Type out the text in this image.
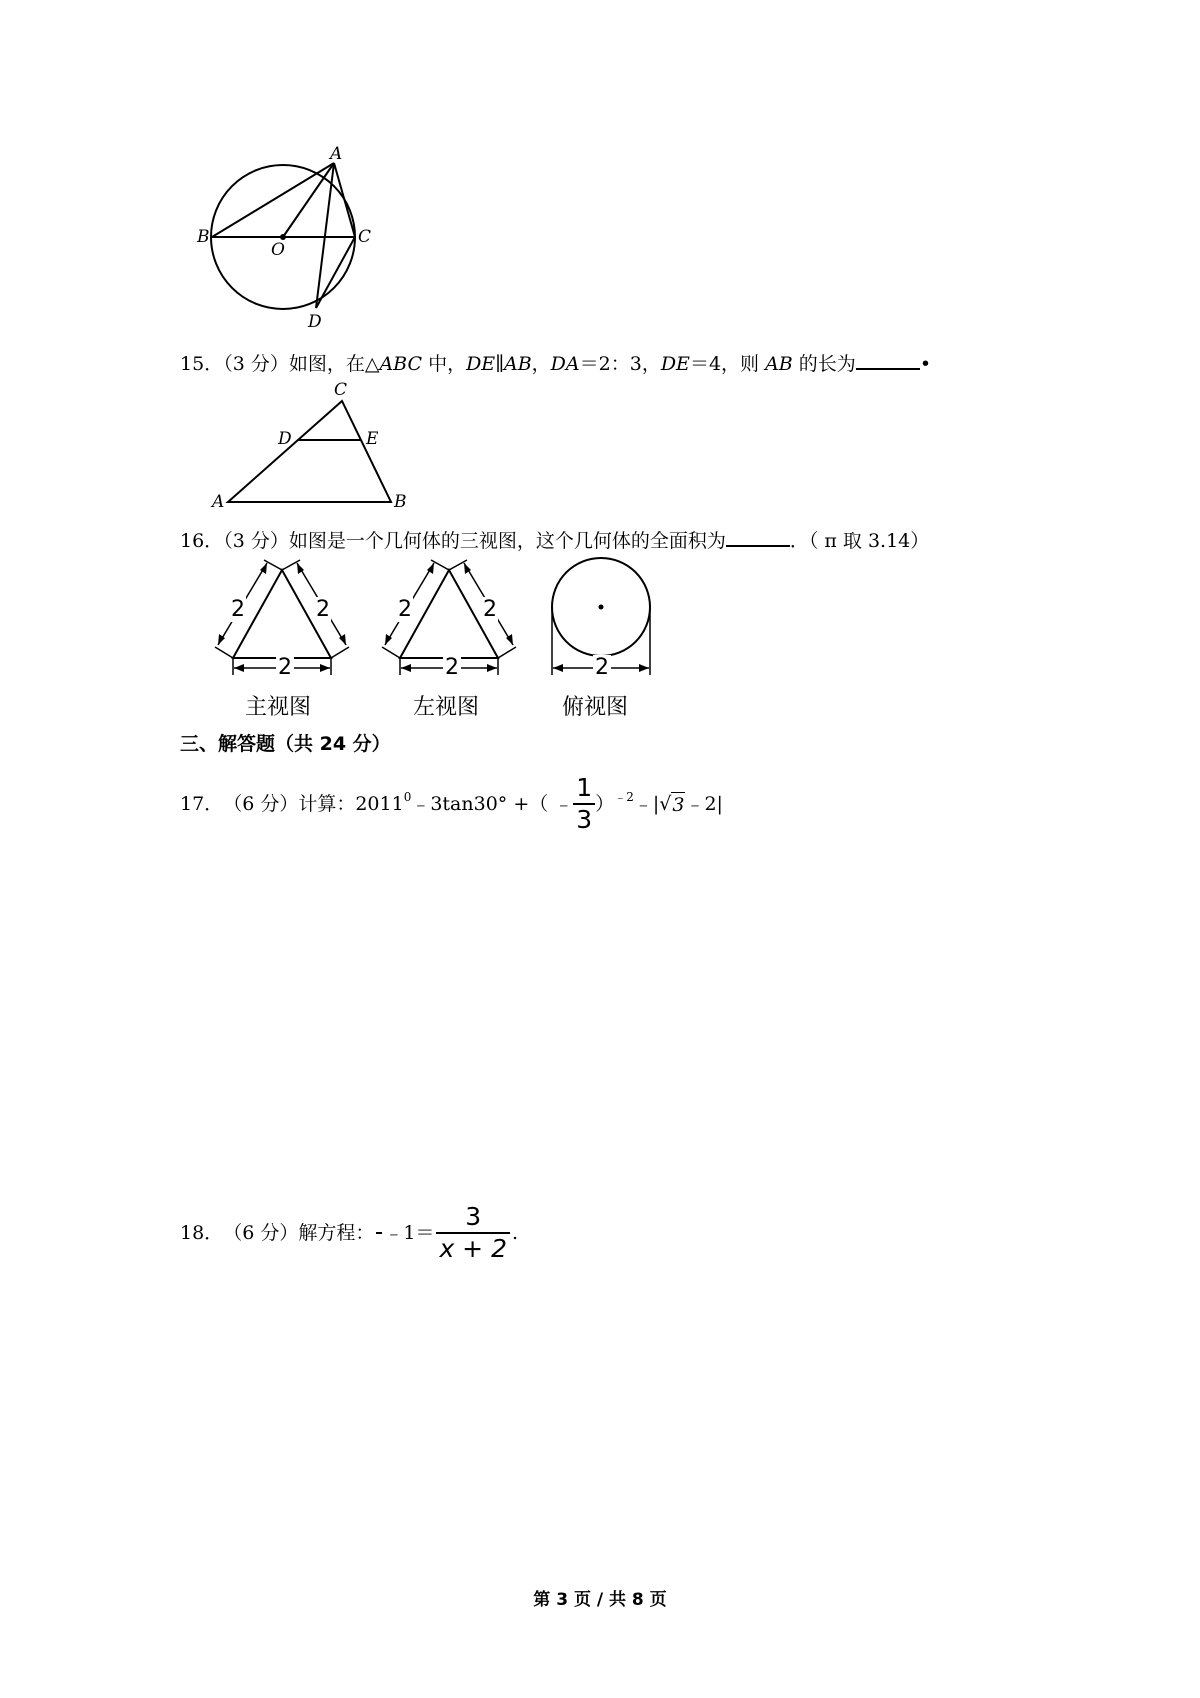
A
B	C
O
D
15．（3 分）如图，在△ABC 中，DE∥AB，DA＝2：3，DE＝4，则 AB 的长为	•
C
D	E
A	B
16．（3 分）如图是一个几何体的三视图，这个几何体的全面积为	．（ π 取 3.14）
2	2
2
2	2
2	2
主视图	左视图	俯视图
三、解答题（共 24 分）
17． （6 分） 计算：2011$^0$ ﹣3tan30° +（ ﹣ $\frac{1}{3} )^{﹣2}$ ﹣| √ 3 ﹣2|
18． （6 分） 解方程： ﹣1＝ $\frac{3}{x + 2}$ .
第 3 页 / 共 8 页
